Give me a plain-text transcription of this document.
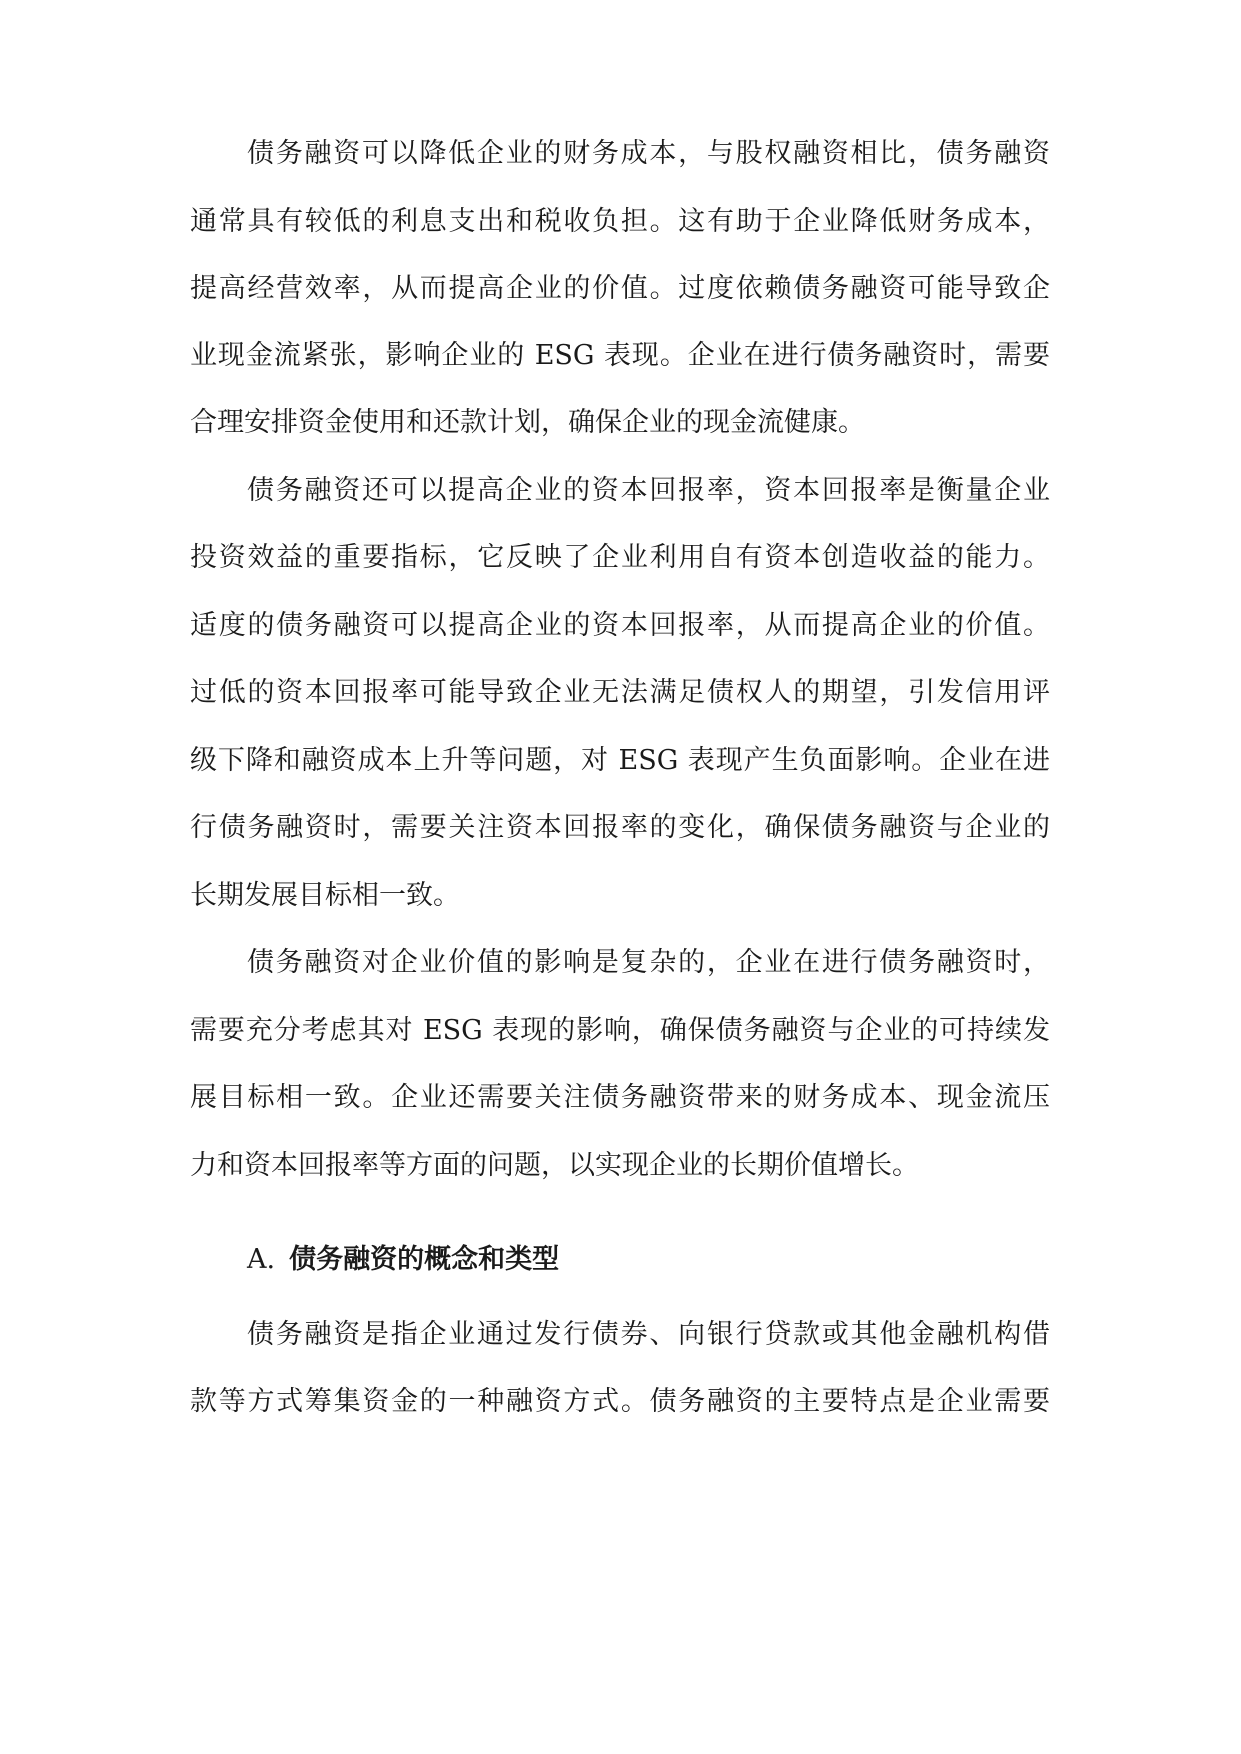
债务融资可以降低企业的财务成本，与股权融资相比，债务融资
通常具有较低的利息支出和税收负担。这有助于企业降低财务成本，
提高经营效率，从而提高企业的价值。过度依赖债务融资可能导致企
业现金流紧张，影响企业的 ESG 表现。企业在进行债务融资时，需要
合理安排资金使用和还款计划，确保企业的现金流健康。
债务融资还可以提高企业的资本回报率，资本回报率是衡量企业
投资效益的重要指标，它反映了企业利用自有资本创造收益的能力。
适度的债务融资可以提高企业的资本回报率，从而提高企业的价值。
过低的资本回报率可能导致企业无法满足债权人的期望，引发信用评
级下降和融资成本上升等问题，对 ESG 表现产生负面影响。企业在进
行债务融资时，需要关注资本回报率的变化，确保债务融资与企业的
长期发展目标相一致。
债务融资对企业价值的影响是复杂的，企业在进行债务融资时，
需要充分考虑其对 ESG 表现的影响，确保债务融资与企业的可持续发
展目标相一致。企业还需要关注债务融资带来的财务成本、现金流压
力和资本回报率等方面的问题，以实现企业的长期价值增长。
A. 债务融资的概念和类型
债务融资是指企业通过发行债券、向银行贷款或其他金融机构借
款等方式筹集资金的一种融资方式。债务融资的主要特点是企业需要
